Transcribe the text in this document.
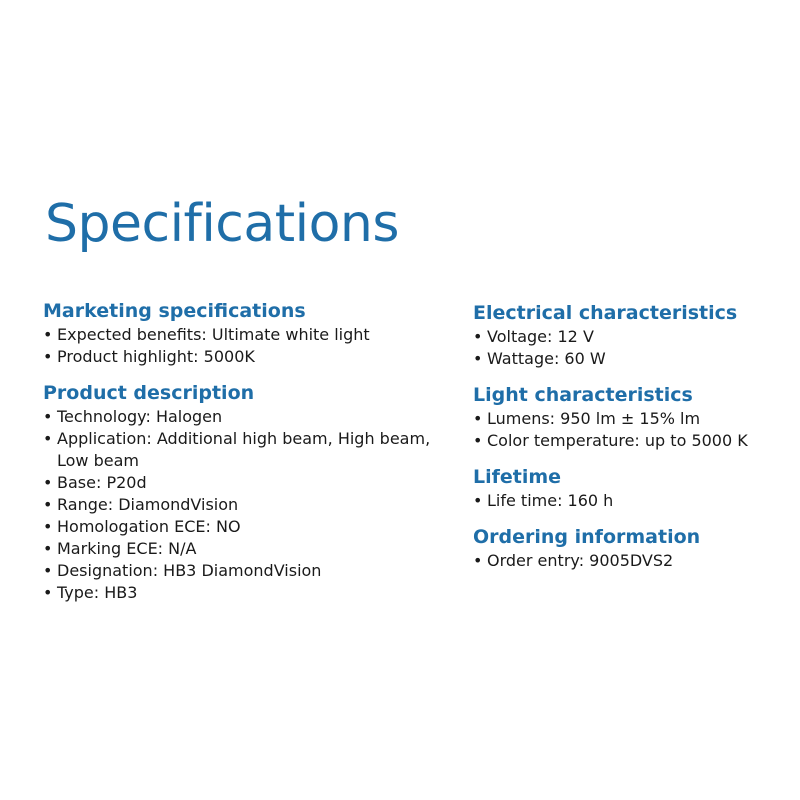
Specifications
Marketing specifications
• Expected benefits: Ultimate white light
• Product highlight: 5000K
Product description
• Technology: Halogen
• Application: Additional high beam, High beam, Low beam
• Base: P20d
• Range: DiamondVision
• Homologation ECE: NO
• Marking ECE: N/A
• Designation: HB3 DiamondVision
• Type: HB3
Electrical characteristics
• Voltage: 12 V
• Wattage: 60 W
Light characteristics
• Lumens: 950 lm ± 15% lm
• Color temperature: up to 5000 K
Lifetime
• Life time: 160 h
Ordering information
• Order entry: 9005DVS2
